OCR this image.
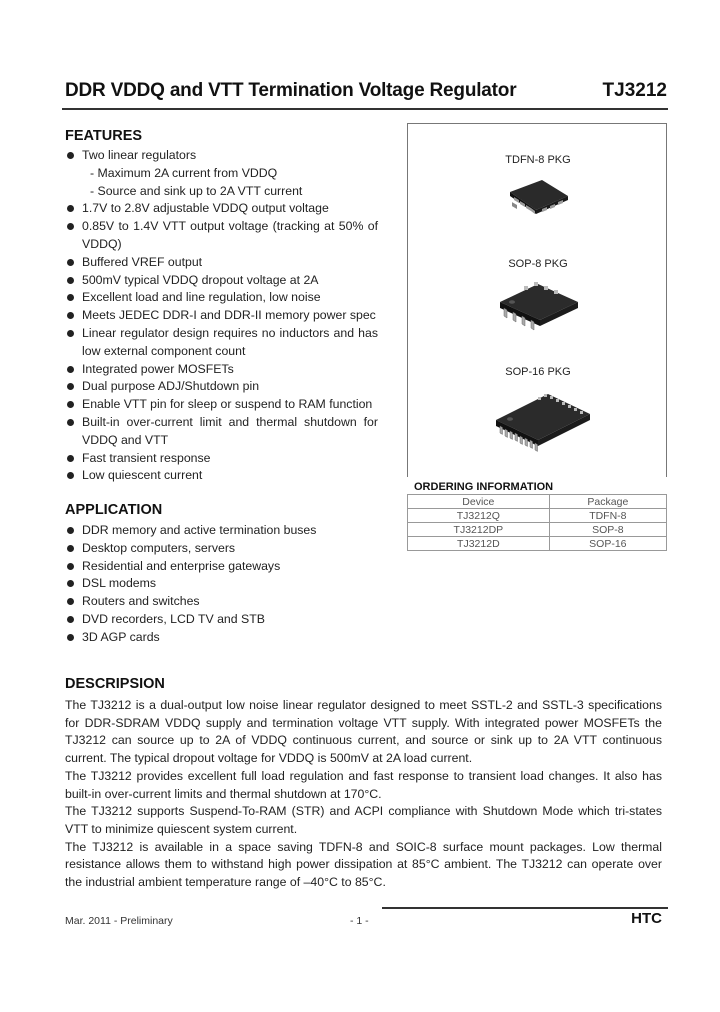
DDR VDDQ and VTT Termination Voltage Regulator	TJ3212
FEATURES
Two linear regulators
- Maximum 2A current from VDDQ
- Source and sink up to 2A VTT current
1.7V to 2.8V adjustable VDDQ output voltage
0.85V to 1.4V VTT output voltage (tracking at 50% of VDDQ)
Buffered VREF output
500mV typical VDDQ dropout voltage at 2A
Excellent load and line regulation, low noise
Meets JEDEC DDR-I and DDR-II memory power spec
Linear regulator design requires no inductors and has low external component count
Integrated power MOSFETs
Dual purpose ADJ/Shutdown pin
Enable VTT pin for sleep or suspend to RAM function
Built-in over-current limit and thermal shutdown for VDDQ and VTT
Fast transient response
Low quiescent current
APPLICATION
DDR memory and active termination buses
Desktop computers, servers
Residential and enterprise gateways
DSL modems
Routers and switches
DVD recorders, LCD TV and STB
3D AGP cards
TDFN-8 PKG
SOP-8 PKG
SOP-16 PKG
ORDERING INFORMATION
Device	Package
TJ3212Q	TDFN-8
TJ3212DP	SOP-8
TJ3212D	SOP-16
DESCRIPSION

The TJ3212 is a dual-output low noise linear regulator designed to meet SSTL-2 and SSTL-3 specifications for DDR-SDRAM VDDQ supply and termination voltage VTT supply. With integrated power MOSFETs the TJ3212 can source up to 2A of VDDQ continuous current, and source or sink up to 2A VTT continuous current. The typical dropout voltage for VDDQ is 500mV at 2A load current.

The TJ3212 provides excellent full load regulation and fast response to transient load changes. It also has built-in over-current limits and thermal shutdown at 170°C.

The TJ3212 supports Suspend-To-RAM (STR) and ACPI compliance with Shutdown Mode which tri-states VTT to minimize quiescent system current.

The TJ3212 is available in a space saving TDFN-8 and SOIC-8 surface mount packages. Low thermal resistance allows them to withstand high power dissipation at 85°C ambient. The TJ3212 can operate over the industrial ambient temperature range of –40°C to 85°C.

Mar. 2011 - Preliminary	- 1 -	HTC
